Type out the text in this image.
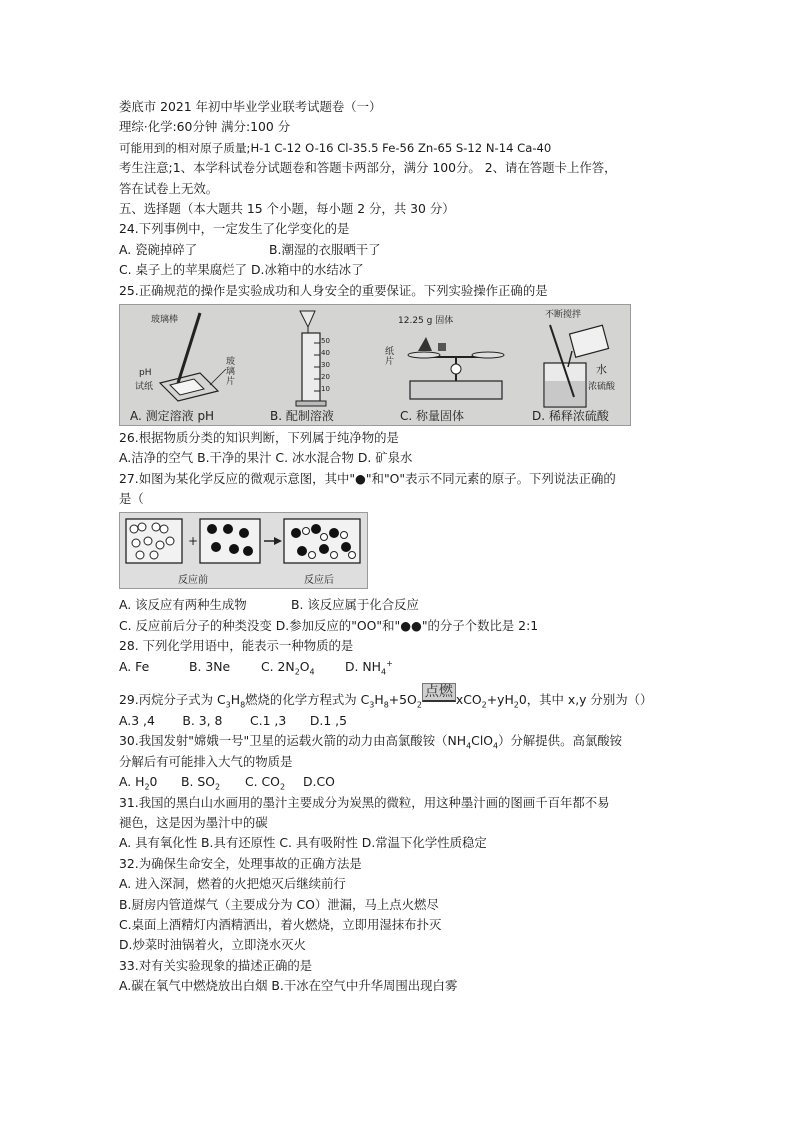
娄底市 2021 年初中毕业学业联考试题卷（一）
理综·化学:60分钟 满分:100 分
可能用到的相对原子质量;H-1 C-12 O-16 Cl-35.5 Fe-56 Zn-65 S-12 N-14 Ca-40
考生注意;1、本学科试卷分试题卷和答题卡两部分，满分 100分。 2、请在答题卡上作答，
答在试卷上无效。
五、选择题（本大题共 15 个小题，每小题 2 分，共 30 分）
24.下列事例中，一定发生了化学变化的是
A. 瓷碗掉碎了	B.潮湿的衣服晒干了
C. 桌子上的苹果腐烂了 D.冰箱中的水结冰了
25.正确规范的操作是实验成功和人身安全的重要保证。下列实验操作正确的是
玻璃棒
pH
试纸
玻璃片
50
40
30
20
10
12.25 g 固体
纸片
不断搅拌
水
浓硫酸
A. 测定溶液 pH	B. 配制溶液	C. 称量固体	D. 稀释浓硫酸
26.根据物质分类的知识判断，下列属于纯净物的是
A.洁净的空气 B.干净的果汁 C. 冰水混合物 D. 矿泉水
27.如图为某化学反应的微观示意图，其中"●"和"O"表示不同元素的原子。下列说法正确的
是（
+
反应前	反应后
A. 该反应有两种生成物	B. 该反应属于化合反应
C. 反应前后分子的种类没变 D.参加反应的"OO"和"●●"的分子个数比是 2:1
28. 下列化学用语中，能表示一种物质的是
A. Fe	B. 3Ne C. $2N_2O_4$ D. $NH_4^+$
29.丙烷分子式为 $C_3H_8$燃烧的化学方程式为 $C_3H_8+5O_2$点燃 $xCO_2+yH_20$，其中 x,y 分别为（）
A.3 ,4       B. 3, 8       C.1 ,3      D.1 ,5
30.我国发射"嫦娥一号"卫星的运载火箭的动力由高氯酸铵$(NH_4ClO_4)$分解提供。高氯酸铵
分解后有可能排入大气的物质是
A. $H_20$ B. $SO_2$ C. $CO_2$ D.CO
31.我国的黑白山水画用的墨汁主要成分为炭黑的微粒，用这种墨汁画的图画千百年都不易
褪色，这是因为墨汁中的碳
A. 具有氧化性 B.具有还原性 C. 具有吸附性 D.常温下化学性质稳定
32.为确保生命安全，处理事故的正确方法是
A. 进入深洞，燃着的火把熄灭后继续前行
B.厨房内管道煤气（主要成分为 CO）泄漏，马上点火燃尽
C.桌面上酒精灯内酒精洒出，着火燃烧，立即用湿抹布扑灭
D.炒菜时油锅着火，立即浇水灭火
33.对有关实验现象的描述正确的是
A.碳在氧气中燃烧放出白烟 B.干冰在空气中升华周围出现白雾
